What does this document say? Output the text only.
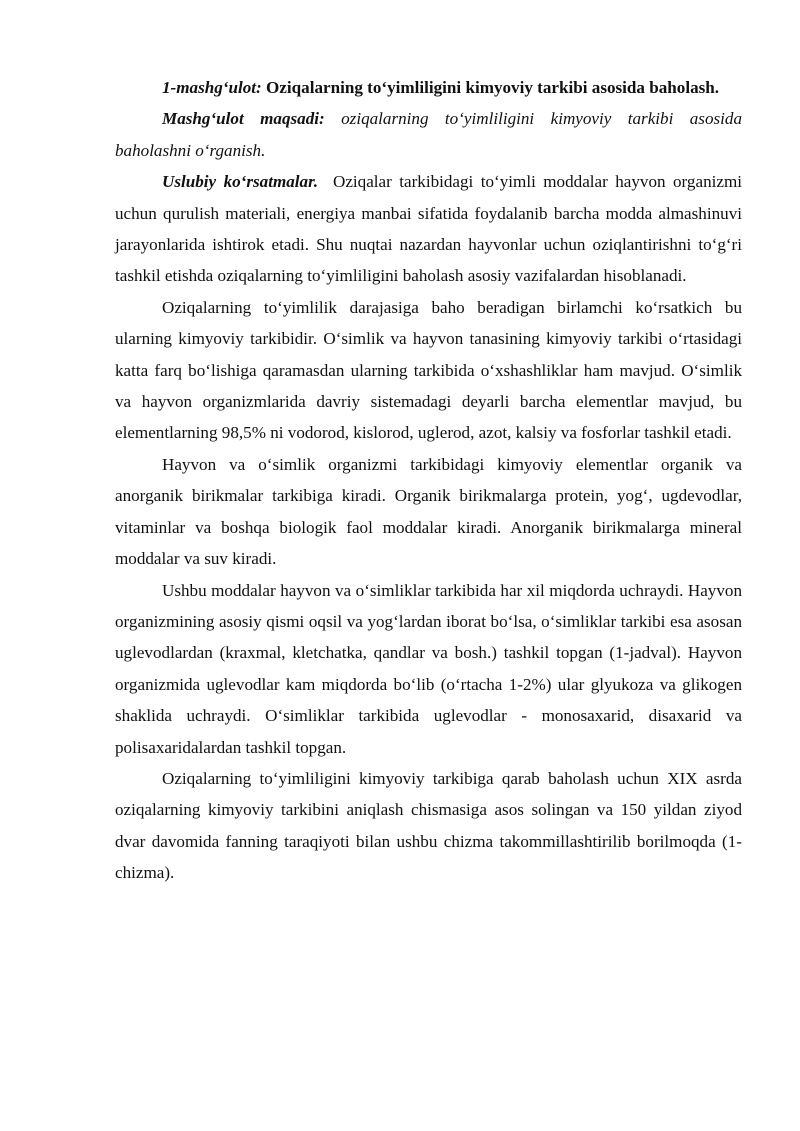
1-mashg‘ulot: Oziqalarning to‘yimliligini kimyoviy tarkibi asosida baholash.

Mashg‘ulot maqsadi: oziqalarning to‘yimliligini kimyoviy tarkibi asosida baholashni o‘rganish.

Uslubiy ko‘rsatmalar. Oziqalar tarkibidagi to‘yimli moddalar hayvon organizmi uchun qurulish materiali, energiya manbai sifatida foydalanib barcha modda almashinuvi jarayonlarida ishtirok etadi. Shu nuqtai nazardan hayvonlar uchun oziqlantirishni to‘g‘ri tashkil etishda oziqalarning to‘yimliligini baholash asosiy vazifalardan hisoblanadi.

Oziqalarning to‘yimlilik darajasiga baho beradigan birlamchi ko‘rsatkich bu ularning kimyoviy tarkibidir. O‘simlik va hayvon tanasining kimyoviy tarkibi o‘rtasidagi katta farq bo‘lishiga qaramasdan ularning tarkibida o‘xshashliklar ham mavjud. O‘simlik va hayvon organizmlarida davriy sistemadagi deyarli barcha elementlar mavjud, bu elementlarning 98,5% ni vodorod, kislorod, uglerod, azot, kalsiy va fosforlar tashkil etadi.

Hayvon va o‘simlik organizmi tarkibidagi kimyoviy elementlar organik va anorganik birikmalar tarkibiga kiradi. Organik birikmalarga protein, yog‘, ugdevodlar, vitaminlar va boshqa biologik faol moddalar kiradi. Anorganik birikmalarga mineral moddalar va suv kiradi.

Ushbu moddalar hayvon va o‘simliklar tarkibida har xil miqdorda uchraydi. Hayvon organizmining asosiy qismi oqsil va yog‘lardan iborat bo‘lsa, o‘simliklar tarkibi esa asosan uglevodlardan (kraxmal, kletchatka, qandlar va bosh.) tashkil topgan (1-jadval). Hayvon organizmida uglevodlar kam miqdorda bo‘lib (o‘rtacha 1-2%) ular glyukoza va glikogen shaklida uchraydi. O‘simliklar tarkibida uglevodlar - monosaxarid, disaxarid va polisaxaridalardan tashkil topgan.

Oziqalarning to‘yimliligini kimyoviy tarkibiga qarab baholash uchun XIX asrda oziqalarning kimyoviy tarkibini aniqlash chismasiga asos solingan va 150 yildan ziyod dvar davomida fanning taraqiyoti bilan ushbu chizma takommillashtirilib borilmoqda (1-chizma).
